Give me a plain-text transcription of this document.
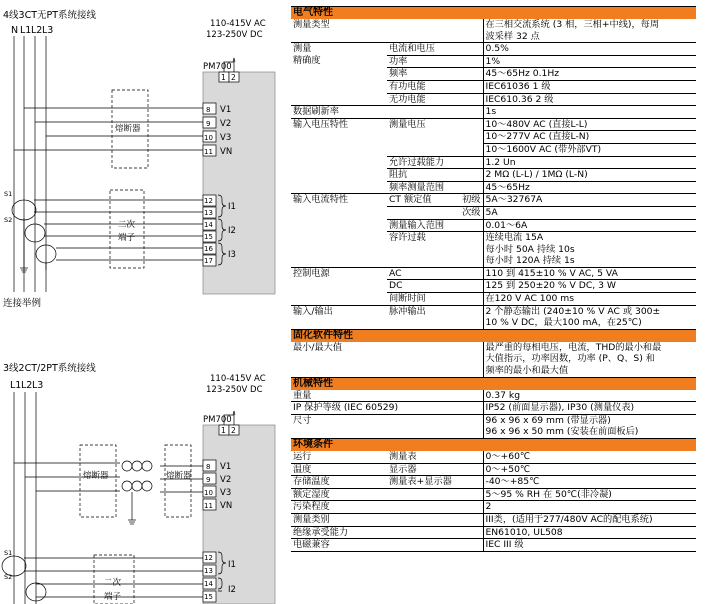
4线3CT无PT系统接线
N L1 L2 L3
110-415V AC
123-250V DC
PM700
1 2
熔断器
8 V1
9 V2
10 V3
11 VN
二次
端子
12
13
14
15
16
17
I1
I2
I3
S1
S2
连接举例
3线2CT/2PT系统接线
L1 L2 L3
110-415V AC
123-250V DC
PM700
1 2
熔断器	熔断器
8 V1
9 V2
10 V3
11 VN
二次
端子
12
13
14
15
I1
I2
S1
S2
电气特性		
测量类型		在三相交流系统 (3 相，三相+中线)，每周
		波采样 32 点
测量	电流和电压	0.5%
精确度	功率	1%
	频率	45～65Hz 0.1Hz
	有功电能	IEC61036 1 级
	无功电能	IEC610.36 2 级
数据刷新率		1s
输入电压特性	测量电压	10～480V AC (直接L-L)
		10～277V AC (直接L-N)
		10～1600V AC (带外部VT)
	允许过载能力	1.2 Un
	阻抗	2 MΩ (L-L) / 1MΩ (L-N)
	频率测量范围	45～65Hz
输入电流特性	CT 额定值 初级	5A～32767A

	次级	5A
	测量输入范围	0.01～6A
	容许过载	连续电流 15A
		每小时 50A 持续 10s
		每小时 120A 持续 1s
控制电源	AC	110 到 415±10 % V AC, 5 VA
	DC	125 到 250±20 % V DC, 3 W
	间断时间	在120 V AC 100 ms
输入/输出	脉冲输出	2 个静态输出 (240±10 % V AC 或 300±
		10 % V DC，最大100 mA，在25℃)
固化软件特性		
最小/最大值		最严重的每相电压，电流，THD的最小和最
		大值指示，功率因数，功率 (P、Q、S) 和
		频率的最小和最大值
机械特性		
重量		0.37 kg
IP 保护等级 (IEC 60529)		IP52 (前面显示器), IP30 (测量仪表)
尺寸		96 x 96 x 69 mm (带显示器)
		96 x 96 x 50 mm (安装在前面板后)
环境条件		
运行	测量表	0～+60℃
温度	显示器	0～+50℃
存储温度	测量表+显示器	-40～+85℃
额定湿度		5～95 % RH 在 50℃(非冷凝)
污染程度		2
测量类别		III类，(适用于277/480V AC的配电系统)
绝缘承受能力		EN61010, UL508
电磁兼容		IEC III 级
